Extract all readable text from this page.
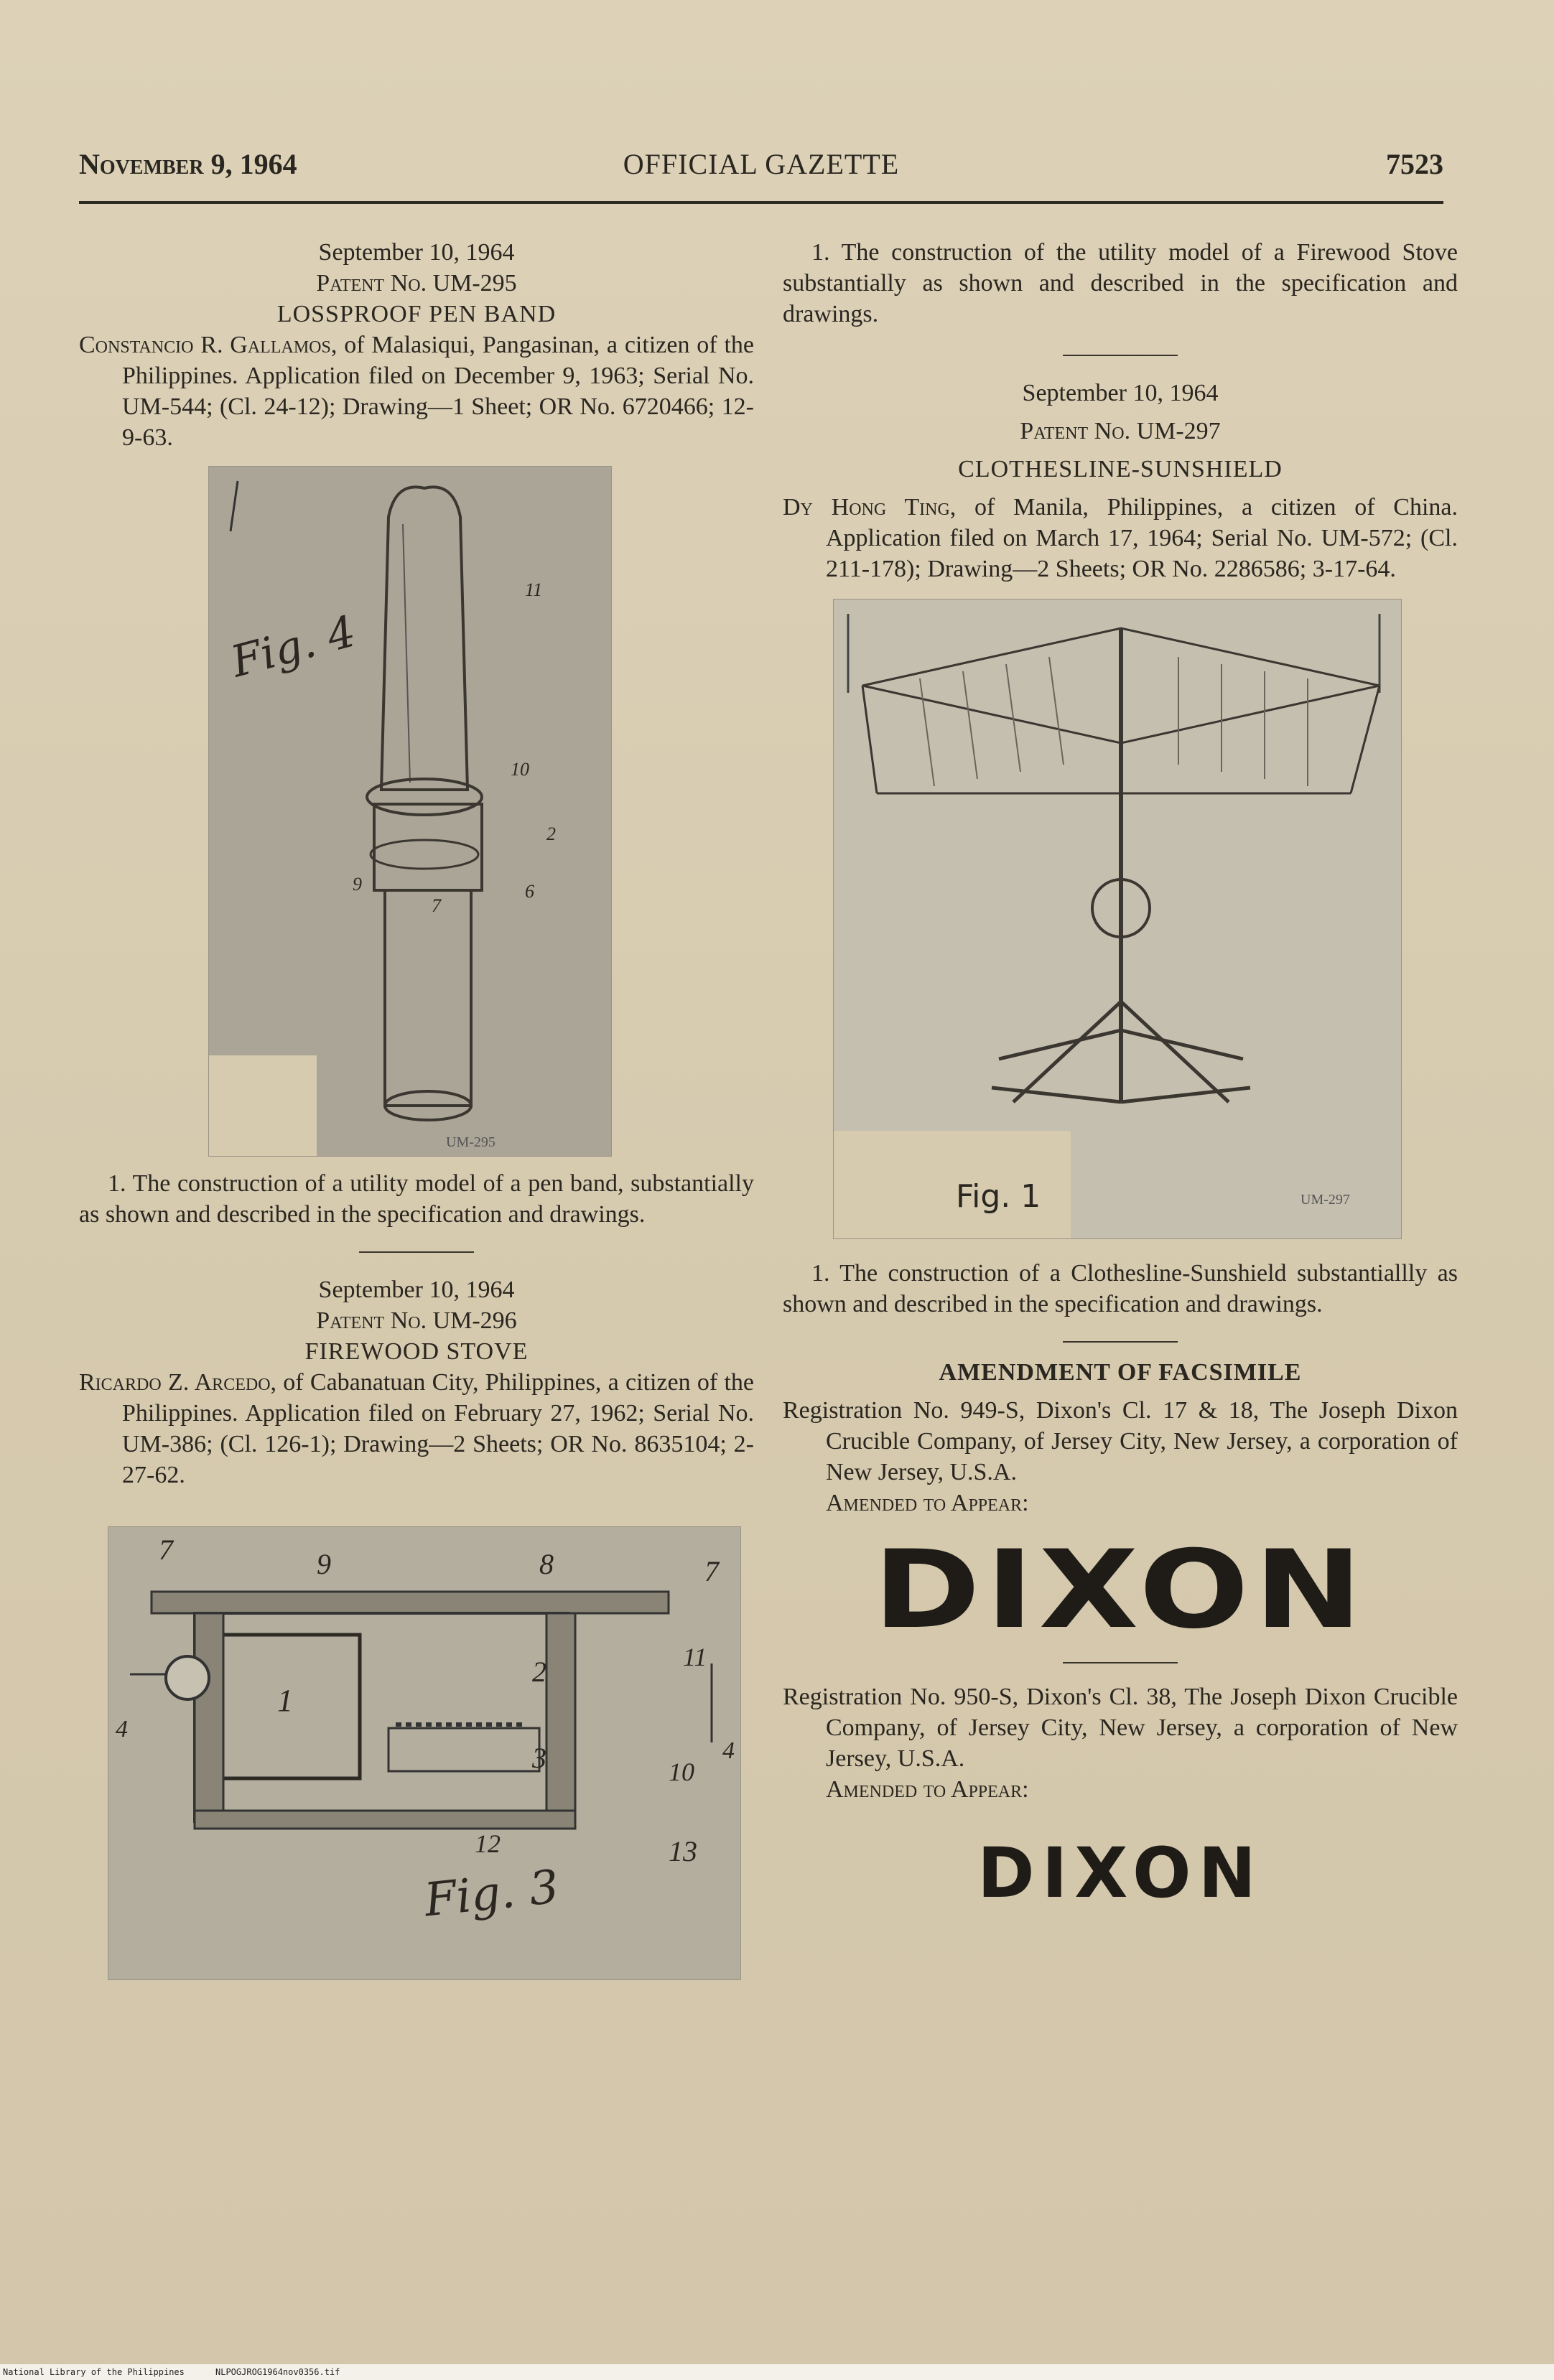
November 9, 1964	OFFICIAL GAZETTE	7523
September 10, 1964
Patent No. UM-295
LOSSPROOF PEN BAND
Constancio R. Gallamos, of Malasiqui, Pangasinan, a citizen of the Philippines. Application filed on December 9, 1963; Serial No. UM-544; (Cl. 24-12); Drawing—1 Sheet; OR No. 6720466; 12-9-63.
Fig. 4
11
10
2
9	6
7
UM-295
1. The construction of a utility model of a pen band, substantially as shown and described in the specification and drawings.
September 10, 1964
Patent No. UM-296
FIREWOOD STOVE
Ricardo Z. Arcedo, of Cabanatuan City, Philippines, a citizen of the Philippines. Application filed on February 27, 1962; Serial No. UM-386; (Cl. 126-1); Drawing—2 Sheets; OR No. 8635104; 2-27-62.
7	9	8	7
11
2
1
3
4
4
10
12	13
Fig. 3
1. The construction of the utility model of a Firewood Stove substantially as shown and described in the specification and drawings.
September 10, 1964
Patent No. UM-297
CLOTHESLINE-SUNSHIELD
Dy Hong Ting, of Manila, Philippines, a citizen of China. Application filed on March 17, 1964; Serial No. UM-572; (Cl. 211-178); Drawing—2 Sheets; OR No. 2286586; 3-17-64.
Fig. 1	UM-297
1. The construction of a Clothesline-Sunshield substantiallly as shown and described in the specification and drawings.
AMENDMENT OF FACSIMILE
Registration No. 949-S, Dixon's Cl. 17 & 18, The Joseph Dixon Crucible Company, of Jersey City, New Jersey, a corporation of New Jersey, U.S.A.
Amended to Appear:
DIXON
Registration No. 950-S, Dixon's Cl. 38, The Joseph Dixon Crucible Company, of Jersey City, New Jersey, a corporation of New Jersey, U.S.A.
Amended to Appear:
DIXON
National Library of the Philippines	NLPOGJROG1964nov0356.tif
